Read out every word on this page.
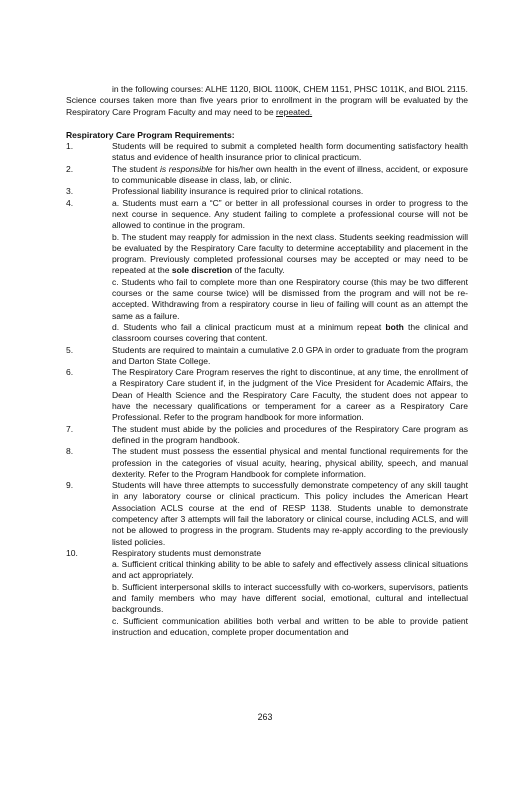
in the following courses: ALHE 1120, BIOL 1100K, CHEM 1151, PHSC 1011K, and BIOL 2115.

Science courses taken more than five years prior to enrollment in the program will be evaluated by the Respiratory Care Program Faculty and may need to be repeated.

Respiratory Care Program Requirements:

1.	Students will be required to submit a completed health form documenting satisfactory health status and evidence of health insurance prior to clinical practicum.

2.	The student is responsible for his/her own health in the event of illness, accident, or exposure to communicable disease in class, lab, or clinic.

3.	Professional liability insurance is required prior to clinical rotations.

4.	a. Students must earn a “C” or better in all professional courses in order to progress to the next course in sequence. Any student failing to complete a professional course will not be allowed to continue in the program.

b. The student may reapply for admission in the next class. Students seeking readmission will be evaluated by the Respiratory Care faculty to determine acceptability and placement in the program. Previously completed professional courses may be accepted or may need to be repeated at the sole discretion of the faculty.

c. Students who fail to complete more than one Respiratory course (this may be two different courses or the same course twice) will be dismissed from the program and will not be re-accepted. Withdrawing from a respiratory course in lieu of failing will count as an attempt the same as a failure.

d. Students who fail a clinical practicum must at a minimum repeat both the clinical and classroom courses covering that content.

5.	Students are required to maintain a cumulative 2.0 GPA in order to graduate from the program and Darton State College.

6.	The Respiratory Care Program reserves the right to discontinue, at any time, the enrollment of a Respiratory Care student if, in the judgment of the Vice President for Academic Affairs, the Dean of Health Science and the Respiratory Care Faculty, the student does not appear to have the necessary qualifications or temperament for a career as a Respiratory Care Professional. Refer to the program handbook for more information.

7.	The student must abide by the policies and procedures of the Respiratory Care program as defined in the program handbook.

8.	The student must possess the essential physical and mental functional requirements for the profession in the categories of visual acuity, hearing, physical ability, speech, and manual dexterity. Refer to the Program Handbook for complete information.

9.	Students will have three attempts to successfully demonstrate competency of any skill taught in any laboratory course or clinical practicum. This policy includes the American Heart Association ACLS course at the end of RESP 1138. Students unable to demonstrate competency after 3 attempts will fail the laboratory or clinical course, including ACLS, and will not be allowed to progress in the program. Students may re-apply according to the previously listed policies.

10.	Respiratory students must demonstrate

a. Sufficient critical thinking ability to be able to safely and effectively assess clinical situations and act appropriately.

b. Sufficient interpersonal skills to interact successfully with co-workers, supervisors, patients and family members who may have different social, emotional, cultural and intellectual backgrounds.

c. Sufficient communication abilities both verbal and written to be able to provide patient instruction and education, complete proper documentation and

263
